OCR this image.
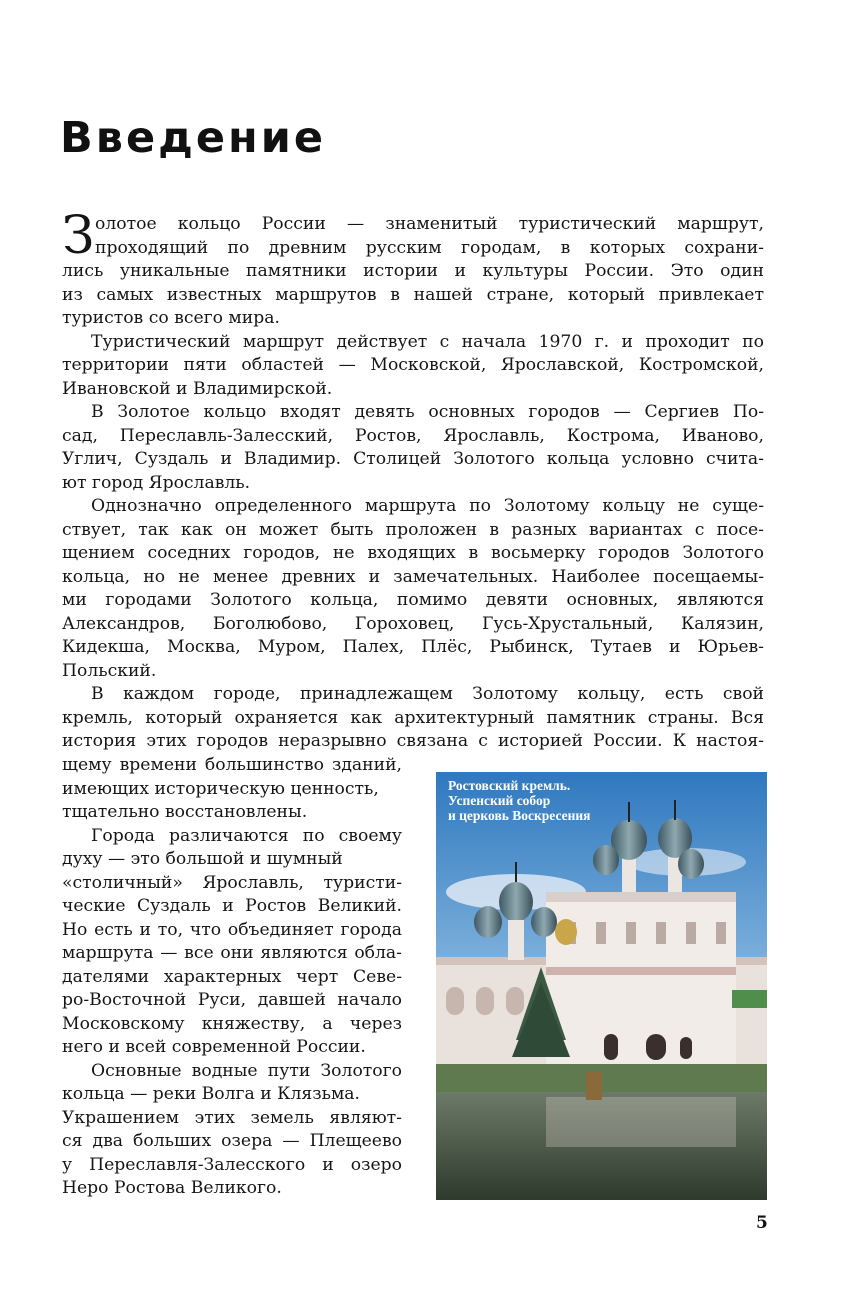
Введение
З олотое кольцо России — знаменитый туристический маршрут,
проходящий по древним русским городам, в которых сохрани-
лись уникальные памятники истории и культуры России. Это один
из самых известных маршрутов в нашей стране, который привлекает
туристов со всего мира.
Туристический маршрут действует с начала 1970 г. и проходит по
территории пяти областей — Московской, Ярославской, Костромской,
Ивановской и Владимирской.
В Золотое кольцо входят девять основных городов — Сергиев По-
сад, Переславль-Залесский, Ростов, Ярославль, Кострома, Иваново,
Углич, Суздаль и Владимир. Столицей Золотого кольца условно счита-
ют город Ярославль.
Однозначно определенного маршрута по Золотому кольцу не суще-
ствует, так как он может быть проложен в разных вариантах с посе-
щением соседних городов, не входящих в восьмерку городов Золотого
кольца, но не менее древних и замечательных. Наиболее посещаемы-
ми городами Золотого кольца, помимо девяти основных, являются
Александров, Боголюбово, Гороховец, Гусь-Хрустальный, Калязин,
Кидекша, Москва, Муром, Палех, Плёс, Рыбинск, Тутаев и Юрьев-
Польский.
В каждом городе, принадлежащем Золотому кольцу, есть свой
кремль, который охраняется как архитектурный памятник страны. Вся
история этих городов неразрывно связана с историей России. К настоя-
щему времени большинство зданий,
имеющих историческую ценность,
тщательно восстановлены.
Города различаются по своему
духу — это большой и шумный
«столичный» Ярославль, туристи-
ческие Суздаль и Ростов Великий.
Но есть и то, что объединяет города
маршрута — все они являются обла-
дателями характерных черт Севе-
ро-Восточной Руси, давшей начало
Московскому княжеству, а через
него и всей современной России.
Основные водные пути Золотого
кольца — реки Волга и Клязьма.
Украшением этих земель являют-
ся два больших озера — Плещеево
у Переславля-Залесского и озеро
Неро Ростова Великого.
Ростовский кремль.
Успенский собор
и церковь Воскресения
5
